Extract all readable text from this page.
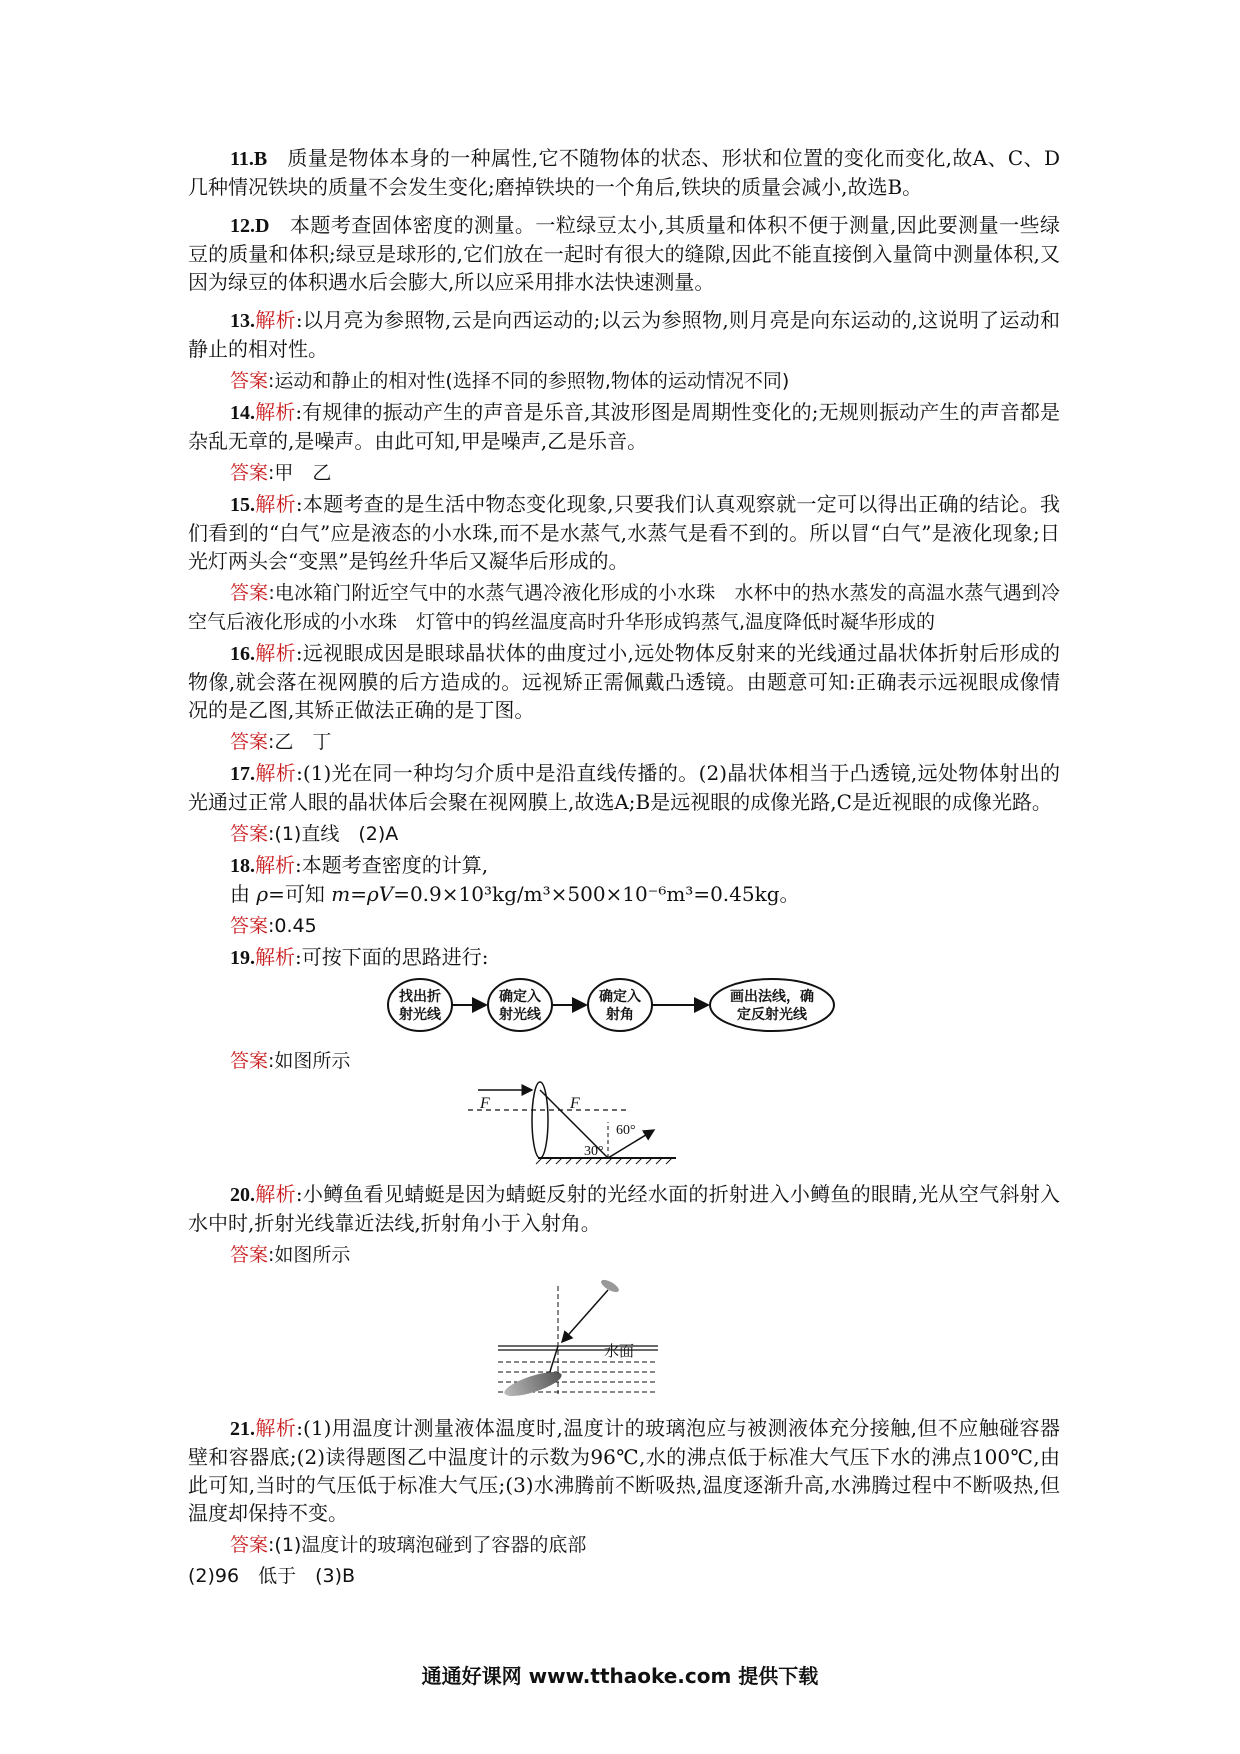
11.B 质量是物体本身的一种属性,它不随物体的状态、形状和位置的变化而变化,故A、C、D几种情况铁块的质量不会发生变化;磨掉铁块的一个角后,铁块的质量会减小,故选B。

12.D 本题考查固体密度的测量。一粒绿豆太小,其质量和体积不便于测量,因此要测量一些绿豆的质量和体积;绿豆是球形的,它们放在一起时有很大的缝隙,因此不能直接倒入量筒中测量体积,又因为绿豆的体积遇水后会膨大,所以应采用排水法快速测量。

13.解析:以月亮为参照物,云是向西运动的;以云为参照物,则月亮是向东运动的,这说明了运动和静止的相对性。

答案:运动和静止的相对性(选择不同的参照物,物体的运动情况不同)

14.解析:有规律的振动产生的声音是乐音,其波形图是周期性变化的;无规则振动产生的声音都是杂乱无章的,是噪声。由此可知,甲是噪声,乙是乐音。

答案:甲　乙

15.解析:本题考查的是生活中物态变化现象,只要我们认真观察就一定可以得出正确的结论。我们看到的“白气”应是液态的小水珠,而不是水蒸气,水蒸气是看不到的。所以冒“白气”是液化现象;日光灯两头会“变黑”是钨丝升华后又凝华后形成的。

答案:电冰箱门附近空气中的水蒸气遇冷液化形成的小水珠　水杯中的热水蒸发的高温水蒸气遇到冷空气后液化形成的小水珠　灯管中的钨丝温度高时升华形成钨蒸气,温度降低时凝华形成的

16.解析:远视眼成因是眼球晶状体的曲度过小,远处物体反射来的光线通过晶状体折射后形成的物像,就会落在视网膜的后方造成的。远视矫正需佩戴凸透镜。由题意可知:正确表示远视眼成像情况的是乙图,其矫正做法正确的是丁图。

答案:乙　丁

17.解析:(1)光在同一种均匀介质中是沿直线传播的。(2)晶状体相当于凸透镜,远处物体射出的光通过正常人眼的晶状体后会聚在视网膜上,故选A;B是远视眼的成像光路,C是近视眼的成像光路。

答案:(1)直线　(2)A

18.解析:本题考查密度的计算,

由 ρ=可知 m=ρV=0.9×10³kg/m³×500×10⁻⁶m³=0.45kg。

答案:0.45

19.解析:可按下面的思路进行:

找出折
射光线
确定入
射光线
确定入
射角
画出法线，确
定反射光线

答案:如图所示

F	F
30°
60°

20.解析:小鳟鱼看见蜻蜓是因为蜻蜓反射的光经水面的折射进入小鳟鱼的眼睛,光从空气斜射入水中时,折射光线靠近法线,折射角小于入射角。

答案:如图所示

水面

21.解析:(1)用温度计测量液体温度时,温度计的玻璃泡应与被测液体充分接触,但不应触碰容器壁和容器底;(2)读得题图乙中温度计的示数为96℃,水的沸点低于标准大气压下水的沸点100℃,由此可知,当时的气压低于标准大气压;(3)水沸腾前不断吸热,温度逐渐升高,水沸腾过程中不断吸热,但温度却保持不变。

答案:(1)温度计的玻璃泡碰到了容器的底部

(2)96　低于　(3)B

通通好课网 www.tthaoke.com 提供下载
